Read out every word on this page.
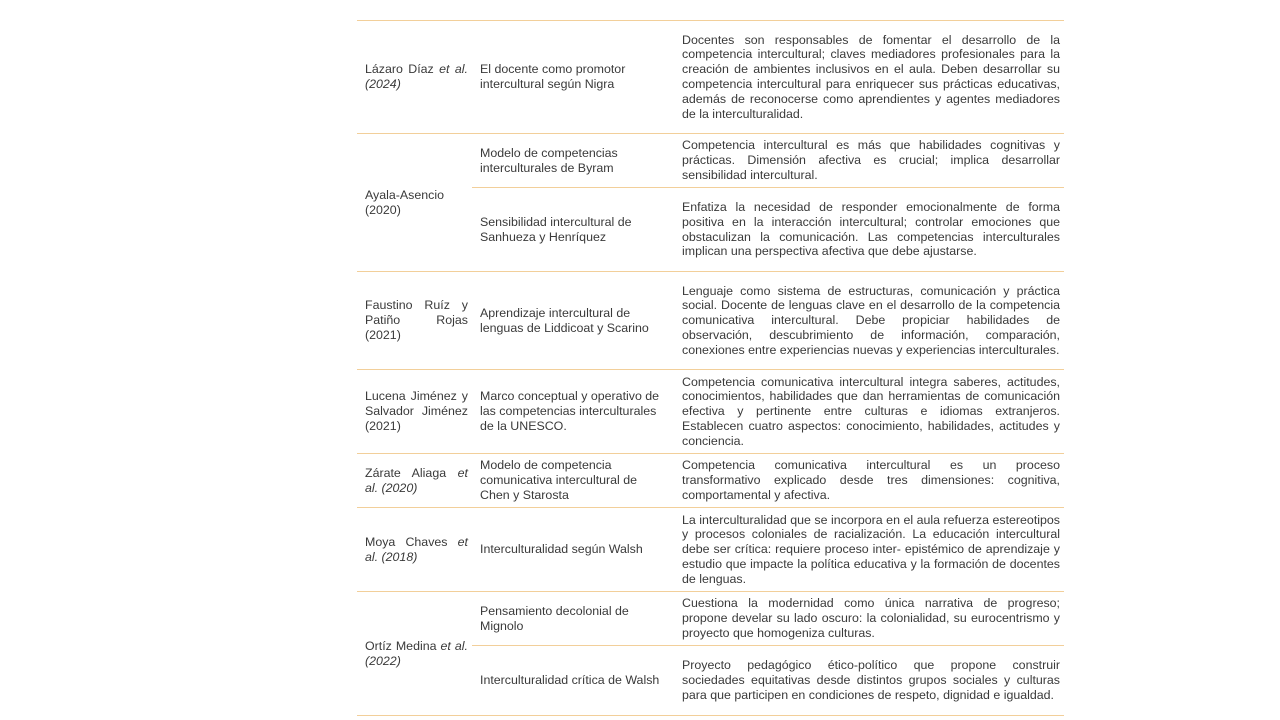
Lázaro Díaz et al. (2024)	El docente como promotor intercultural según Nigra	Docentes son responsables de fomentar el desarrollo de la competencia intercultural; claves mediadores profesionales para la creación de ambientes inclusivos en el aula. Deben desarrollar su competencia intercultural para enriquecer sus prácticas educativas, además de reconocerse como aprendientes y agentes mediadores de la interculturalidad.
Ayala-Asencio (2020)	Modelo de competencias interculturales de Byram	Competencia intercultural es más que habilidades cognitivas y prácticas. Dimensión afectiva es crucial; implica desarrollar sensibilidad intercultural.
	Sensibilidad intercultural de Sanhueza y Henríquez	Enfatiza la necesidad de responder emocionalmente de forma positiva en la interacción intercultural; controlar emociones que obstaculizan la comunicación. Las competencias interculturales implican una perspectiva afectiva que debe ajustarse.
Faustino Ruíz y Patiño Rojas (2021)	Aprendizaje intercultural de lenguas de Liddicoat y Scarino	Lenguaje como sistema de estructuras, comunicación y práctica social. Docente de lenguas clave en el desarrollo de la competencia comunicativa intercultural. Debe propiciar habilidades de observación, descubrimiento de información, comparación, conexiones entre experiencias nuevas y experiencias interculturales.
Lucena Jiménez y Salvador Jiménez (2021)	Marco conceptual y operativo de las competencias interculturales de la UNESCO.	Competencia comunicativa intercultural integra saberes, actitudes, conocimientos, habilidades que dan herramientas de comunicación efectiva y pertinente entre culturas e idiomas extranjeros. Establecen cuatro aspectos: conocimiento, habilidades, actitudes y conciencia.
Zárate Aliaga et al. (2020)	Modelo de competencia comunicativa intercultural de Chen y Starosta	Competencia comunicativa intercultural es un proceso transformativo explicado desde tres dimensiones: cognitiva, comportamental y afectiva.
Moya Chaves et al. (2018)	Interculturalidad según Walsh	La interculturalidad que se incorpora en el aula refuerza estereotipos y procesos coloniales de racialización. La educación intercultural debe ser crítica: requiere proceso inter- epistémico de aprendizaje y estudio que impacte la política educativa y la formación de docentes de lenguas.
Ortíz Medina et al. (2022)	Pensamiento decolonial de Mignolo	Cuestiona la modernidad como única narrativa de progreso; propone develar su lado oscuro: la colonialidad, su eurocentrismo y proyecto que homogeniza culturas.
	Interculturalidad crítica de Walsh	Proyecto pedagógico ético-político que propone construir sociedades equitativas desde distintos grupos sociales y culturas para que participen en condiciones de respeto, dignidad e igualdad.
